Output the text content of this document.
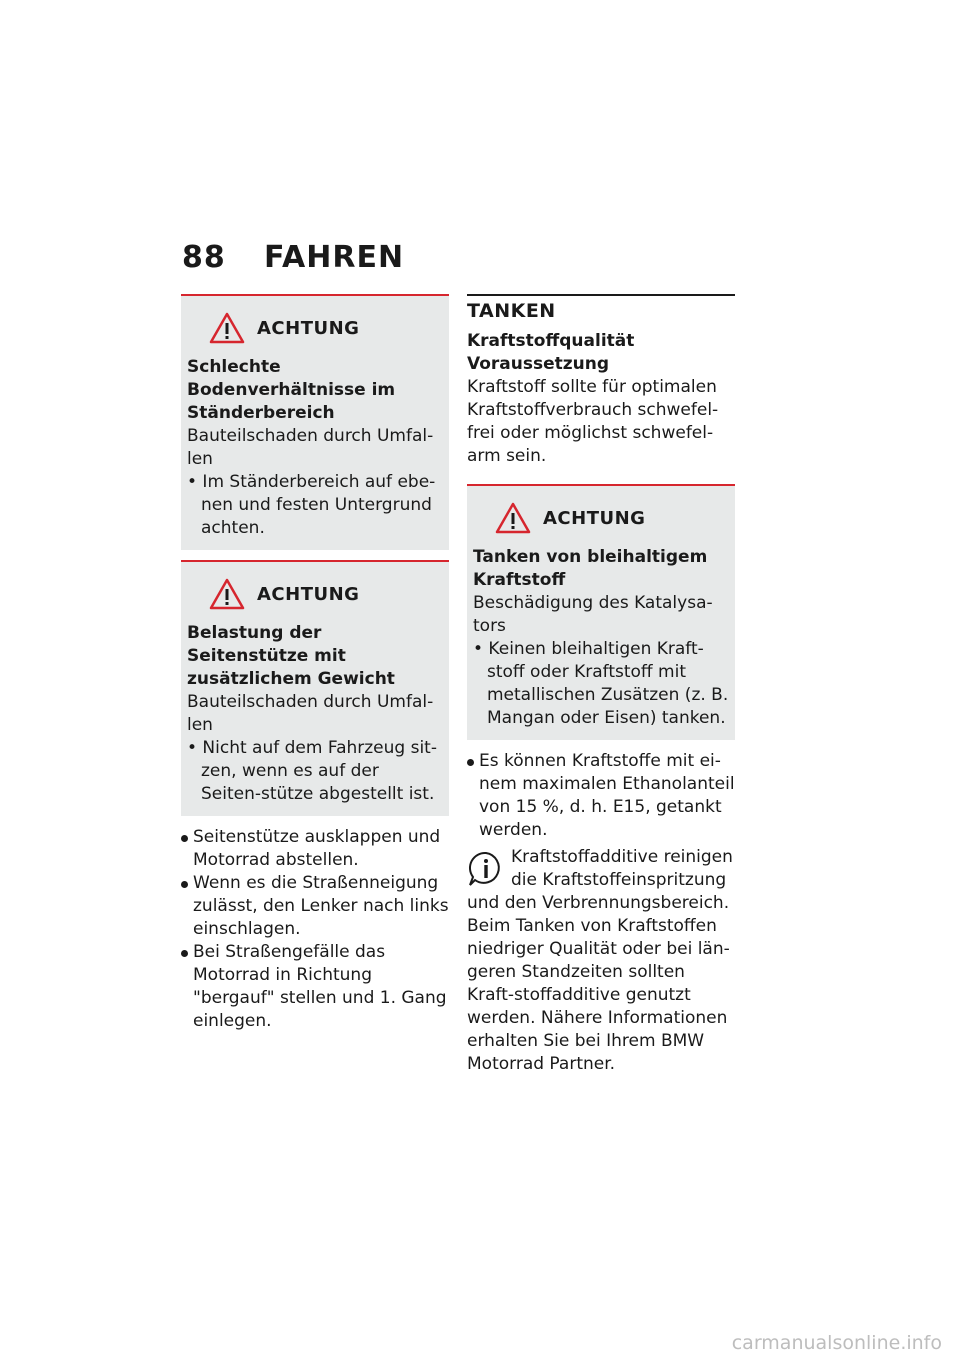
88 FAHREN
ACHTUNG
Schlechte Bodenverhältnisse im Ständerbereich
Bauteilschaden durch Umfal-len
• Im Ständerbereich auf ebe-nen und festen Untergrund achten.
ACHTUNG
Belastung der Seitenstütze mit zusätzlichem Gewicht
Bauteilschaden durch Umfal-len
• Nicht auf dem Fahrzeug sit-zen, wenn es auf der Seiten-stütze abgestellt ist.
Seitenstütze ausklappen und Motorrad abstellen.
Wenn es die Straßenneigung zulässt, den Lenker nach links einschlagen.
Bei Straßengefälle das Motorrad in Richtung "bergauf" stellen und 1. Gang einlegen.
TANKEN
Kraftstoffqualität
Voraussetzung
Kraftstoff sollte für optimalen Kraftstoffverbrauch schwefel-frei oder möglichst schwefel-arm sein.
ACHTUNG
Tanken von bleihaltigem Kraftstoff
Beschädigung des Katalysa-tors
• Keinen bleihaltigen Kraft-stoff oder Kraftstoff mit metallischen Zusätzen (z. B. Mangan oder Eisen) tanken.
Es können Kraftstoffe mit ei-nem maximalen Ethanolanteil von 15 %, d. h. E15, getankt werden.
Kraftstoffadditive reinigen die Kraftstoffeinspritzung und den Verbrennungsbereich. Beim Tanken von Kraftstoffen niedriger Qualität oder bei län-geren Standzeiten sollten Kraft-stoffadditive genutzt werden. Nähere Informationen erhalten Sie bei Ihrem BMW Motorrad Partner.
carmanualsonline.info
